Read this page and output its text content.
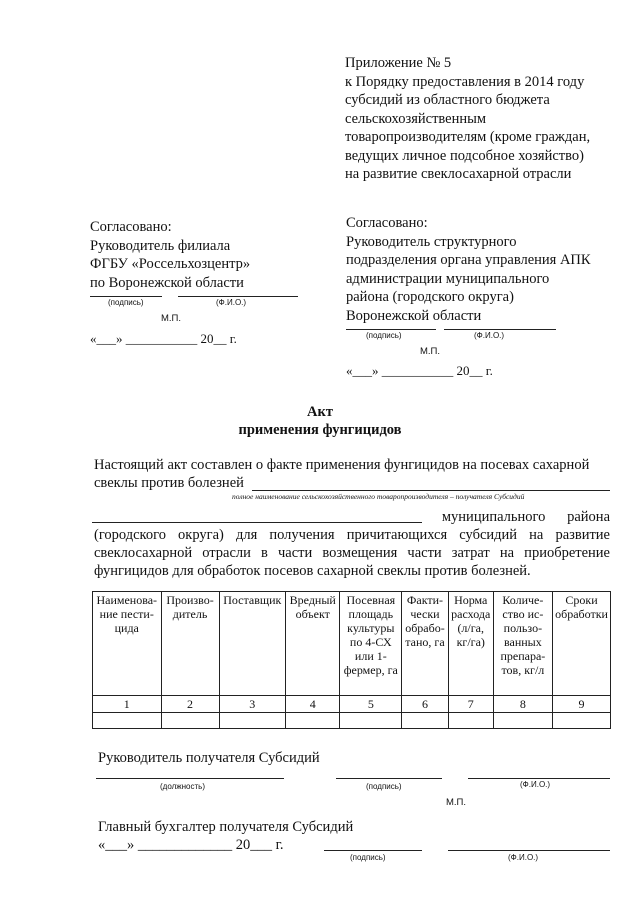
Приложение № 5
к Порядку предоставления в 2014 году
субсидий из областного бюджета
сельскохозяйственным
товаропроизводителям (кроме граждан,
ведущих личное подсобное хозяйство)
на развитие свеклосахарной отрасли
Согласовано:
Руководитель филиала
ФГБУ «Россельхозцентр»
по Воронежской области
(подпись)	(Ф.И.О.)
М.П.
«___» ___________ 20__ г.
Согласовано:
Руководитель структурного
подразделения органа управления АПК
администрации муниципального
района (городского округа)
Воронежской области
(подпись)	(Ф.И.О.)
М.П.
«___» ___________ 20__ г.
Акт
применения фунгицидов
Настоящий акт составлен о факте применения фунгицидов на посевах сахарной
свеклы против болезней
полное наименование сельскохозяйственного товаропроизводителя – получателя Субсидий
муниципального      района
(городского округа) для получения причитающихся субсидий на развитие
свеклосахарной отрасли в части возмещения части затрат на приобретение
фунгицидов для обработок посевов сахарной свеклы против болезней.
Наименова-ние пести-цида	Произво-дитель	Поставщик	Вредный объект	Посевная площадь культуры по 4-СХ или 1-фермер, га	Факти-чески обрабо-тано, га	Норма расхода (л/га, кг/га)	Количе-ство ис-пользо-ванных препара-тов, кг/л	Сроки обработки
1	2	3	4	5	6	7	8	9

Руководитель получателя Субсидий
(должность)	(подпись)	(Ф.И.О.)
М.П.
Главный бухгалтер получателя Субсидий
«___» _____________ 20___ г.
(подпись)	(Ф.И.О.)
